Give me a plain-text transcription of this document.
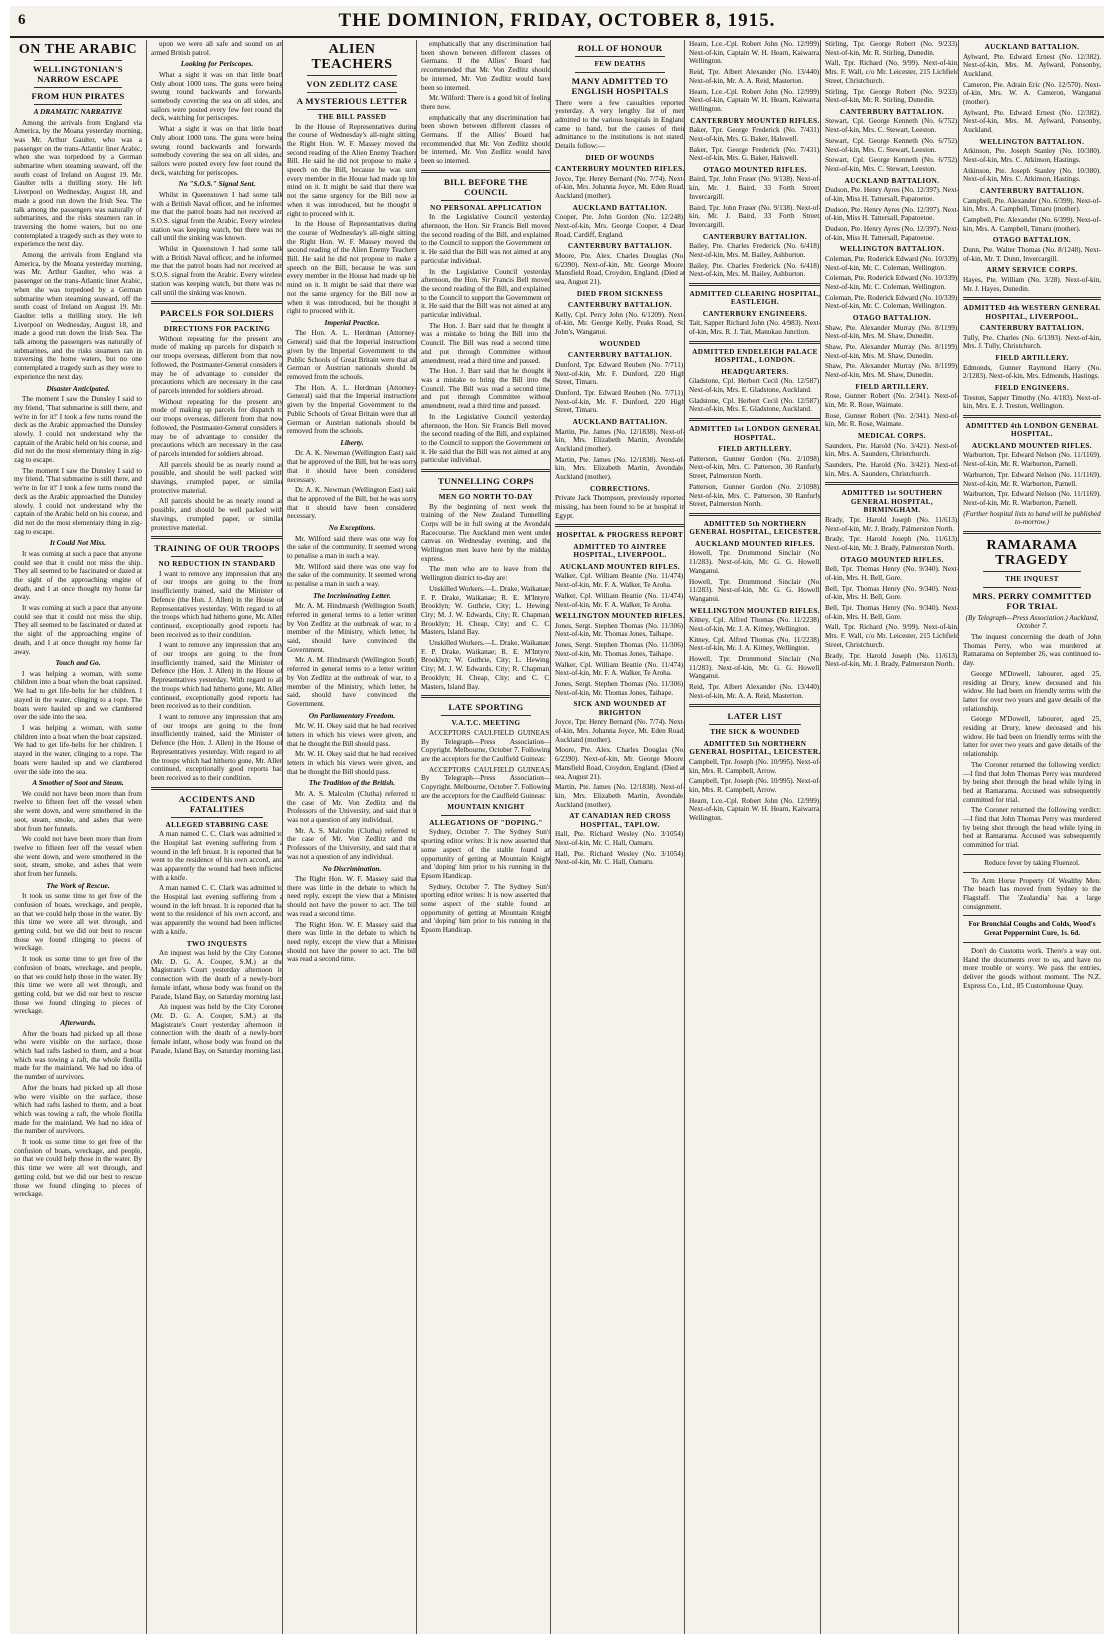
6	THE DOMINION, FRIDAY, OCTOBER 8, 1915.
ON THE ARABIC
WELLINGTONIAN'S NARROW ESCAPE
FROM HUN PIRATES
A DRAMATIC NARRATIVE

Among the arrivals from England via America, by the Moana yesterday morning, was Mr. Arthur Gaulter, who was a passenger on the trans-Atlantic liner Arabic, when she was torpedoed by a German submarine when steaming seaward, off the south coast of Ireland on August 19. Mr. Gaulter tells a thrilling story. He left Liverpool on Wednesday, August 18, and made a good run down the Irish Sea. The talk among the passengers was naturally of submarines, and the risks steamers ran in traversing the home waters, but no one contemplated a tragedy such as they were to experience the next day.

Among the arrivals from England via America, by the Moana yesterday morning, was Mr. Arthur Gaulter, who was a passenger on the trans-Atlantic liner Arabic, when she was torpedoed by a German submarine when steaming seaward, off the south coast of Ireland on August 19. Mr. Gaulter tells a thrilling story. He left Liverpool on Wednesday, August 18, and made a good run down the Irish Sea. The talk among the passengers was naturally of submarines, and the risks steamers ran in traversing the home waters, but no one contemplated a tragedy such as they were to experience the next day.

Disaster Anticipated.

The moment I saw the Dunsley I said to my friend, 'That submarine is still there, and we're in for it!' I took a few turns round the deck as the Arabic approached the Dunsley slowly. I could not understand why the captain of the Arabic held on his course, and did not do the most elementary thing in zig-zag to escape.

The moment I saw the Dunsley I said to my friend, 'That submarine is still there, and we're in for it!' I took a few turns round the deck as the Arabic approached the Dunsley slowly. I could not understand why the captain of the Arabic held on his course, and did not do the most elementary thing in zig-zag to escape.

It Could Not Miss.

It was coming at such a pace that anyone could see that it could not miss the ship. They all seemed to be fascinated or dazed at the sight of the approaching engine of death, and I at once thought my home far away.

It was coming at such a pace that anyone could see that it could not miss the ship. They all seemed to be fascinated or dazed at the sight of the approaching engine of death, and I at once thought my home far away.

Touch and Go.

I was helping a woman, with some children into a boat when the boat capsized. We had to get life-belts for her children. I stayed in the water, clinging to a rope. The boats were hauled up and we clambered over the side into the sea.

I was helping a woman, with some children into a boat when the boat capsized. We had to get life-belts for her children. I stayed in the water, clinging to a rope. The boats were hauled up and we clambered over the side into the sea.

A Smother of Soot and Steam.

We could not have been more than from twelve to fifteen feet off the vessel when she went down, and were smothered in the soot, steam, smoke, and ashes that were shot from her funnels.

We could not have been more than from twelve to fifteen feet off the vessel when she went down, and were smothered in the soot, steam, smoke, and ashes that were shot from her funnels.

The Work of Rescue.

It took us some time to get free of the confusion of boats, wreckage, and people, so that we could help those in the water. By this time we were all wet through, and getting cold, but we did our best to rescue those we found clinging to pieces of wreckage.

It took us some time to get free of the confusion of boats, wreckage, and people, so that we could help those in the water. By this time we were all wet through, and getting cold, but we did our best to rescue those we found clinging to pieces of wreckage.

Afterwards.

After the boats had picked up all those who were visible on the surface, those which had rafts lashed to them, and a boat which was towing a raft, the whole flotilla made for the mainland. We had no idea of the number of survivors.

After the boats had picked up all those who were visible on the surface, those which had rafts lashed to them, and a boat which was towing a raft, the whole flotilla made for the mainland. We had no idea of the number of survivors.

It took us some time to get free of the confusion of boats, wreckage, and people, so that we could help those in the water. By this time we were all wet through, and getting cold, but we did our best to rescue those we found clinging to pieces of wreckage.

upon we were all safe and sound on an armed British patrol.

Looking for Periscopes.

What a sight it was on that little boat! Only about 1000 tons. The guns were being swung round backwards and forwards, somebody covering the sea on all sides, and sailors were posted every few feet round the deck, watching for periscopes.

What a sight it was on that little boat! Only about 1000 tons. The guns were being swung round backwards and forwards, somebody covering the sea on all sides, and sailors were posted every few feet round the deck, watching for periscopes.

No "S.O.S." Signal Sent.

Whilst in Queenstown I had some talk with a British Naval officer, and he informed me that the patrol boats had not received an S.O.S. signal from the Arabic. Every wireless station was keeping watch, but there was no call until the sinking was known.

Whilst in Queenstown I had some talk with a British Naval officer, and he informed me that the patrol boats had not received an S.O.S. signal from the Arabic. Every wireless station was keeping watch, but there was no call until the sinking was known.

PARCELS FOR SOLDIERS
DIRECTIONS FOR PACKING

Without repeating for the present any mode of making up parcels for dispatch to our troops overseas, different from that now followed, the Postmaster-General considers it may be of advantage to consider the precautions which are necessary in the case of parcels intended for soldiers abroad.

Without repeating for the present any mode of making up parcels for dispatch to our troops overseas, different from that now followed, the Postmaster-General considers it may be of advantage to consider the precautions which are necessary in the case of parcels intended for soldiers abroad.

All parcels should be as nearly round as possible, and should be well packed with shavings, crumpled paper, or similar protective material.

All parcels should be as nearly round as possible, and should be well packed with shavings, crumpled paper, or similar protective material.

TRAINING OF OUR TROOPS
NO REDUCTION IN STANDARD

I want to remove any impression that any of our troops are going to the front insufficiently trained, said the Minister of Defence (the Hon. J. Allen) in the House of Representatives yesterday. With regard to all the troops which had hitherto gone, Mr. Allen continued, exceptionally good reports had been received as to their condition.

I want to remove any impression that any of our troops are going to the front insufficiently trained, said the Minister of Defence (the Hon. J. Allen) in the House of Representatives yesterday. With regard to all the troops which had hitherto gone, Mr. Allen continued, exceptionally good reports had been received as to their condition.

I want to remove any impression that any of our troops are going to the front insufficiently trained, said the Minister of Defence (the Hon. J. Allen) in the House of Representatives yesterday. With regard to all the troops which had hitherto gone, Mr. Allen continued, exceptionally good reports had been received as to their condition.

ACCIDENTS AND FATALITIES
ALLEGED STABBING CASE

A man named C. C. Clark was admitted to the Hospital last evening suffering from a wound in the left breast. It is reported that he went to the residence of his own accord, and was apparently the wound had been inflicted with a knife.

A man named C. C. Clark was admitted to the Hospital last evening suffering from a wound in the left breast. It is reported that he went to the residence of his own accord, and was apparently the wound had been inflicted with a knife.

TWO INQUESTS

An inquest was held by the City Coroner (Mr. D. G. A. Cooper, S.M.) at the Magistrate's Court yesterday afternoon in connection with the death of a newly-born female infant, whose body was found on the Parade, Island Bay, on Saturday morning last.

An inquest was held by the City Coroner (Mr. D. G. A. Cooper, S.M.) at the Magistrate's Court yesterday afternoon in connection with the death of a newly-born female infant, whose body was found on the Parade, Island Bay, on Saturday morning last.

ALIEN TEACHERS
VON ZEDLITZ CASE
A MYSTERIOUS LETTER
THE BILL PASSED

In the House of Representatives during the course of Wednesday's all-night sitting, the Right Hon. W. F. Massey moved the second reading of the Alien Enemy Teachers Bill. He said he did not propose to make a speech on the Bill, because he was sure every member in the House had made up his mind on it. It might be said that there was not the same urgency for the Bill now as when it was introduced, but he thought it right to proceed with it.

In the House of Representatives during the course of Wednesday's all-night sitting, the Right Hon. W. F. Massey moved the second reading of the Alien Enemy Teachers Bill. He said he did not propose to make a speech on the Bill, because he was sure every member in the House had made up his mind on it. It might be said that there was not the same urgency for the Bill now as when it was introduced, but he thought it right to proceed with it.

Imperial Practice.

The Hon. A. L. Herdman (Attorney-General) said that the Imperial instructions given by the Imperial Government to the Public Schools of Great Britain were that all German or Austrian nationals should be removed from the schools.

The Hon. A. L. Herdman (Attorney-General) said that the Imperial instructions given by the Imperial Government to the Public Schools of Great Britain were that all German or Austrian nationals should be removed from the schools.

Liberty.

Dr. A. K. Newman (Wellington East) said that he approved of the Bill, but he was sorry that it should have been considered necessary.

Dr. A. K. Newman (Wellington East) said that he approved of the Bill, but he was sorry that it should have been considered necessary.

No Exceptions.

Mr. Wilford said there was one way for the sake of the community. It seemed wrong to penalise a man in such a way.

Mr. Wilford said there was one way for the sake of the community. It seemed wrong to penalise a man in such a way.

The Incriminating Letter.

Mr. A. M. Hindmarsh (Wellington South) referred in general terms to a letter written by Von Zedlitz at the outbreak of war, to a member of the Ministry, which letter, he said, should have convinced the Government.

Mr. A. M. Hindmarsh (Wellington South) referred in general terms to a letter written by Von Zedlitz at the outbreak of war, to a member of the Ministry, which letter, he said, should have convinced the Government.

On Parliamentary Freedom.

Mr. W. H. Okey said that he had received letters in which his views were given, and that he thought the Bill should pass.

Mr. W. H. Okey said that he had received letters in which his views were given, and that he thought the Bill should pass.

The Tradition of the British.

Mr. A. S. Malcolm (Clutha) referred to the case of Mr. Von Zedlitz and the Professors of the University, and said that it was not a question of any individual.

Mr. A. S. Malcolm (Clutha) referred to the case of Mr. Von Zedlitz and the Professors of the University, and said that it was not a question of any individual.

No Discrimination.

The Right Hon. W. F. Massey said that there was little in the debate to which he need reply, except the view that a Minister should not have the power to act. The bill was read a second time.

The Right Hon. W. F. Massey said that there was little in the debate to which he need reply, except the view that a Minister should not have the power to act. The bill was read a second time.

emphatically that any discrimination had been shown between different classes of Germans. If the Allies' Board had recommended that Mr. Von Zedlitz should be interned, Mr. Von Zedlitz would have been so interned.

Mr. Wilford: There is a good bit of feeling there now.

emphatically that any discrimination had been shown between different classes of Germans. If the Allies' Board had recommended that Mr. Von Zedlitz should be interned, Mr. Von Zedlitz would have been so interned.

BILL BEFORE THE COUNCIL
NO PERSONAL APPLICATION

In the Legislative Council yesterday afternoon, the Hon. Sir Francis Bell moved the second reading of the Bill, and explained to the Council to support the Government on it. He said that the Bill was not aimed at any particular individual.

In the Legislative Council yesterday afternoon, the Hon. Sir Francis Bell moved the second reading of the Bill, and explained to the Council to support the Government on it. He said that the Bill was not aimed at any particular individual.

The Hon. J. Barr said that he thought it was a mistake to bring the Bill into the Council. The Bill was read a second time, and put through Committee without amendment, read a third time and passed.

The Hon. J. Barr said that he thought it was a mistake to bring the Bill into the Council. The Bill was read a second time, and put through Committee without amendment, read a third time and passed.

In the Legislative Council yesterday afternoon, the Hon. Sir Francis Bell moved the second reading of the Bill, and explained to the Council to support the Government on it. He said that the Bill was not aimed at any particular individual.

TUNNELLING CORPS
MEN GO NORTH TO-DAY

By the beginning of next week the training of the New Zealand Tunnelling Corps will be in full swing at the Avondale Racecourse. The Auckland men went under canvas on Wednesday evening, and the Wellington men leave here by the midday express.

The men who are to leave from the Wellington district to-day are:

Unskilled Workers.—L. Drake, Waikanae; F. P. Drake, Waikanae; R. E. M'Intyre, Brooklyn; W. Guthrie, City; L. Hewing, City; M. J. W. Edwards, City; R. Chapman, Brooklyn; H. Cheap, City; and C. C. Masters, Island Bay.

Unskilled Workers.—L. Drake, Waikanae; F. P. Drake, Waikanae; R. E. M'Intyre, Brooklyn; W. Guthrie, City; L. Hewing, City; M. J. W. Edwards, City; R. Chapman, Brooklyn; H. Cheap, City; and C. C. Masters, Island Bay.

LATE SPORTING
V.A.T.C. MEETING

ACCEPTORS CAULFIELD GUINEAS. By Telegraph—Press Association—Copyright. Melbourne, October 7. Following are the acceptors for the Caulfield Guineas:

ACCEPTORS CAULFIELD GUINEAS. By Telegraph—Press Association—Copyright. Melbourne, October 7. Following are the acceptors for the Caulfield Guineas:

MOUNTAIN KNIGHT
ALLEGATIONS OF "DOPING."

Sydney, October 7. The Sydney Sun's sporting editor writes: It is now asserted that some aspect of the stable found an opportunity of getting at Mountain Knight and 'doping' him prior to his running in the Epsom Handicap.

Sydney, October 7. The Sydney Sun's sporting editor writes: It is now asserted that some aspect of the stable found an opportunity of getting at Mountain Knight and 'doping' him prior to his running in the Epsom Handicap.

ROLL OF HONOUR
FEW DEATHS
MANY ADMITTED TO ENGLISH HOSPITALS

There were a few casualties reported yesterday. A very lengthy list of men admitted to the various hospitals in England came to hand, but the causes of their admittance to the institutions is not stated. Details follow:—

DIED OF WOUNDS
CANTERBURY MOUNTED RIFLES.

Joyce, Tpr. Henry Bernard (No. 7/74). Next-of-kin, Mrs. Johanna Joyce, Mt. Eden Road, Auckland (mother).

AUCKLAND BATTALION.

Cooper, Pte. John Gordon (No. 12/248). Next-of-kin, Mrs. George Cooper, 4 Dean Road, Cardiff, England.

CANTERBURY BATTALION.

Moore, Pte. Alex. Charles Douglas (No. 6/2390). Next-of-kin, Mr. George Moore, Mansfield Road, Croydon, England. (Died at sea, August 21).

DIED FROM SICKNESS
CANTERBURY BATTALION.

Kelly, Cpl. Percy John (No. 6/1209). Next-of-kin, Mr. George Kelly, Peaks Road, St. John's, Wanganui.

WOUNDED
CANTERBURY BATTALION.

Dunford, Tpr. Edward Reuben (No. 7/711). Next-of-kin, Mr. F. Dunford, 220 High Street, Timaru.

Dunford, Tpr. Edward Reuben (No. 7/711). Next-of-kin, Mr. F. Dunford, 220 High Street, Timaru.

AUCKLAND BATTALION.

Martin, Pte. James (No. 12/1838). Next-of-kin, Mrs. Elizabeth Martin, Avondale, Auckland (mother).

Martin, Pte. James (No. 12/1838). Next-of-kin, Mrs. Elizabeth Martin, Avondale, Auckland (mother).

CORRECTIONS.

Private Jack Thompson, previously reported missing, has been found to be at hospital in Egypt.

HOSPITAL & PROGRESS REPORT
ADMITTED TO AINTREE HOSPITAL, LIVERPOOL.
AUCKLAND MOUNTED RIFLES.

Walker, Cpl. William Beattie (No. 11/474). Next-of-kin, Mr. F. A. Walker, Te Aroha.

Walker, Cpl. William Beattie (No. 11/474). Next-of-kin, Mr. F. A. Walker, Te Aroha.

WELLINGTON MOUNTED RIFLES.

Jones, Sergt. Stephen Thomas (No. 11/306). Next-of-kin, Mr. Thomas Jones, Taihape.

Jones, Sergt. Stephen Thomas (No. 11/306). Next-of-kin, Mr. Thomas Jones, Taihape.

Walker, Cpl. William Beattie (No. 11/474). Next-of-kin, Mr. F. A. Walker, Te Aroha.

Jones, Sergt. Stephen Thomas (No. 11/306). Next-of-kin, Mr. Thomas Jones, Taihape.

SICK AND WOUNDED AT BRIGHTON

Joyce, Tpr. Henry Bernard (No. 7/74). Next-of-kin, Mrs. Johanna Joyce, Mt. Eden Road, Auckland (mother).

Moore, Pte. Alex. Charles Douglas (No. 6/2390). Next-of-kin, Mr. George Moore, Mansfield Road, Croydon, England. (Died at sea, August 21).

Martin, Pte. James (No. 12/1838). Next-of-kin, Mrs. Elizabeth Martin, Avondale, Auckland (mother).

AT CANADIAN RED CROSS HOSPITAL, TAPLOW.

Hall, Pte. Richard Wesley (No. 3/1054). Next-of-kin, Mr. C. Hall, Oamaru.

Hall, Pte. Richard Wesley (No. 3/1054). Next-of-kin, Mr. C. Hall, Oamaru.

Hearn, Lce.-Cpl. Robert John (No. 12/999). Next-of-kin, Captain W. H. Hearn, Kaiwarra, Wellington.

Reid, Tpr. Albert Alexander (No. 13/440). Next-of-kin, Mr. A. A. Reid, Masterton.

Hearn, Lce.-Cpl. Robert John (No. 12/999). Next-of-kin, Captain W. H. Hearn, Kaiwarra, Wellington.

CANTERBURY MOUNTED RIFLES.

Baker, Tpr. George Frederick (No. 7/431). Next-of-kin, Mrs. G. Baker, Halswell.

Baker, Tpr. George Frederick (No. 7/431). Next-of-kin, Mrs. G. Baker, Halswell.

OTAGO MOUNTED RIFLES.

Baird, Tpr. John Fraser (No. 9/138). Next-of-kin, Mr. J. Baird, 33 Forth Street, Invercargill.

Baird, Tpr. John Fraser (No. 9/138). Next-of-kin, Mr. J. Baird, 33 Forth Street, Invercargill.

CANTERBURY BATTALION.

Bailey, Pte. Charles Frederick (No. 6/418). Next-of-kin, Mrs. M. Bailey, Ashburton.

Bailey, Pte. Charles Frederick (No. 6/418). Next-of-kin, Mrs. M. Bailey, Ashburton.

ADMITTED CLEARING HOSPITAL, EASTLEIGH.
CANTERBURY ENGINEERS.

Tait, Sapper Richard John (No. 4/983). Next-of-kin, Mrs. R. J. Tait, Manukau Junction.

ADMITTED ENDELEIGH PALACE HOSPITAL, LONDON.
HEADQUARTERS.

Gladstone, Cpl. Herbert Cecil (No. 12/587). Next-of-kin, Mrs. E. Gladstone, Auckland.

Gladstone, Cpl. Herbert Cecil (No. 12/587). Next-of-kin, Mrs. E. Gladstone, Auckland.

ADMITTED 1st LONDON GENERAL HOSPITAL.
FIELD ARTILLERY.

Patterson, Gunner Gordon (No. 2/1098). Next-of-kin, Mrs. C. Patterson, 30 Ranfurly Street, Palmerston North.

Patterson, Gunner Gordon (No. 2/1098). Next-of-kin, Mrs. C. Patterson, 30 Ranfurly Street, Palmerston North.

ADMITTED 5th NORTHERN GENERAL HOSPITAL, LEICESTER.
AUCKLAND MOUNTED RIFLES.

Howell, Tpr. Drummond Sinclair (No. 11/283). Next-of-kin, Mr. G. G. Howell, Wanganui.

Howell, Tpr. Drummond Sinclair (No. 11/283). Next-of-kin, Mr. G. G. Howell, Wanganui.

WELLINGTON MOUNTED RIFLES.

Kitney, Cpl. Alfred Thomas (No. 11/2238). Next-of-kin, Mr. J. A. Kitney, Wellington.

Kitney, Cpl. Alfred Thomas (No. 11/2238). Next-of-kin, Mr. J. A. Kitney, Wellington.

Howell, Tpr. Drummond Sinclair (No. 11/283). Next-of-kin, Mr. G. G. Howell, Wanganui.

Reid, Tpr. Albert Alexander (No. 13/440). Next-of-kin, Mr. A. A. Reid, Masterton.

LATER LIST
THE SICK & WOUNDED
ADMITTED 5th NORTHERN GENERAL HOSPITAL, LEICESTER.

Campbell, Tpr. Joseph (No. 10/995). Next-of-kin, Mrs. R. Campbell, Arrow.

Campbell, Tpr. Joseph (No. 10/995). Next-of-kin, Mrs. R. Campbell, Arrow.

Hearn, Lce.-Cpl. Robert John (No. 12/999). Next-of-kin, Captain W. H. Hearn, Kaiwarra, Wellington.

Stirling, Tpr. George Robert (No. 9/233). Next-of-kin, Mr. R. Stirling, Dunedin.

Wall, Tpr. Richard (No. 9/99). Next-of-kin, Mrs. F. Wall, c/o Mr. Leicester, 215 Lichfield Street, Christchurch.

Stirling, Tpr. George Robert (No. 9/233). Next-of-kin, Mr. R. Stirling, Dunedin.

CANTERBURY BATTALION.

Stewart, Cpl. George Kenneth (No. 6/752). Next-of-kin, Mrs. C. Stewart, Leeston.

Stewart, Cpl. George Kenneth (No. 6/752). Next-of-kin, Mrs. C. Stewart, Leeston.

Stewart, Cpl. George Kenneth (No. 6/752). Next-of-kin, Mrs. C. Stewart, Leeston.

AUCKLAND BATTALION.

Dudson, Pte. Henry Ayres (No. 12/397). Next-of-kin, Miss H. Tattersall, Papatoetoe.

Dudson, Pte. Henry Ayres (No. 12/397). Next-of-kin, Miss H. Tattersall, Papatoetoe.

Dudson, Pte. Henry Ayres (No. 12/397). Next-of-kin, Miss H. Tattersall, Papatoetoe.

WELLINGTON BATTALION.

Coleman, Pte. Roderick Edward (No. 10/339). Next-of-kin, Mr. C. Coleman, Wellington.

Coleman, Pte. Roderick Edward (No. 10/339). Next-of-kin, Mr. C. Coleman, Wellington.

Coleman, Pte. Roderick Edward (No. 10/339). Next-of-kin, Mr. C. Coleman, Wellington.

OTAGO BATTALION.

Shaw, Pte. Alexander Murray (No. 8/1199). Next-of-kin, Mrs. M. Shaw, Dunedin.

Shaw, Pte. Alexander Murray (No. 8/1199). Next-of-kin, Mrs. M. Shaw, Dunedin.

Shaw, Pte. Alexander Murray (No. 8/1199). Next-of-kin, Mrs. M. Shaw, Dunedin.

FIELD ARTILLERY.

Rose, Gunner Robert (No. 2/341). Next-of-kin, Mr. R. Rose, Waimate.

Rose, Gunner Robert (No. 2/341). Next-of-kin, Mr. R. Rose, Waimate.

MEDICAL CORPS.

Saunders, Pte. Harold (No. 3/421). Next-of-kin, Mrs. A. Saunders, Christchurch.

Saunders, Pte. Harold (No. 3/421). Next-of-kin, Mrs. A. Saunders, Christchurch.

ADMITTED 1st SOUTHERN GENERAL HOSPITAL, BIRMINGHAM.

Brady, Tpr. Harold Joseph (No. 11/613). Next-of-kin, Mr. J. Brady, Palmerston North.

Brady, Tpr. Harold Joseph (No. 11/613). Next-of-kin, Mr. J. Brady, Palmerston North.

OTAGO MOUNTED RIFLES.

Bell, Tpr. Thomas Henry (No. 9/340). Next-of-kin, Mrs. H. Bell, Gore.

Bell, Tpr. Thomas Henry (No. 9/340). Next-of-kin, Mrs. H. Bell, Gore.

Bell, Tpr. Thomas Henry (No. 9/340). Next-of-kin, Mrs. H. Bell, Gore.

Wall, Tpr. Richard (No. 9/99). Next-of-kin, Mrs. F. Wall, c/o Mr. Leicester, 215 Lichfield Street, Christchurch.

Brady, Tpr. Harold Joseph (No. 11/613). Next-of-kin, Mr. J. Brady, Palmerston North.

AUCKLAND BATTALION.

Aylward, Pte. Edward Ernest (No. 12/382). Next-of-kin, Mrs. M. Aylward, Ponsonby, Auckland.

Cameron, Pte. Adrain Eric (No. 12/570). Next-of-kin, Mrs. W. A. Cameron, Wanganui (mother).

Aylward, Pte. Edward Ernest (No. 12/382). Next-of-kin, Mrs. M. Aylward, Ponsonby, Auckland.

WELLINGTON BATTALION.

Atkinson, Pte. Joseph Stanley (No. 10/380). Next-of-kin, Mrs. C. Atkinson, Hastings.

Atkinson, Pte. Joseph Stanley (No. 10/380). Next-of-kin, Mrs. C. Atkinson, Hastings.

CANTERBURY BATTALION.

Campbell, Pte. Alexander (No. 6/399). Next-of-kin, Mrs. A. Campbell, Timaru (mother).

Campbell, Pte. Alexander (No. 6/399). Next-of-kin, Mrs. A. Campbell, Timaru (mother).

OTAGO BATTALION.

Dunn, Pte. Walter Thomas (No. 8/1248). Next-of-kin, Mr. T. Dunn, Invercargill.

ARMY SERVICE CORPS.

Hayes, Pte. William (No. 3/28). Next-of-kin, Mr. J. Hayes, Dunedin.

ADMITTED 4th WESTERN GENERAL HOSPITAL, LIVERPOOL.
CANTERBURY BATTALION.

Tully, Pte. Charles (No. 6/1393). Next-of-kin, Mrs. J. Tully, Christchurch.

FIELD ARTILLERY.

Edmonds, Gunner Raymond Harry (No. 2/1283). Next-of-kin, Mrs. Edmonds, Hastings.

FIELD ENGINEERS.

Treston, Sapper Timothy (No. 4/183). Next-of-kin, Mrs. E. J. Treston, Wellington.

ADMITTED 4th LONDON GENERAL HOSPITAL.
AUCKLAND MOUNTED RIFLES.

Warburton, Tpr. Edward Nelson (No. 11/1169). Next-of-kin, Mr. R. Warburton, Parnell.

Warburton, Tpr. Edward Nelson (No. 11/1169). Next-of-kin, Mr. R. Warburton, Parnell.

Warburton, Tpr. Edward Nelson (No. 11/1169). Next-of-kin, Mr. R. Warburton, Parnell.

(Further hospital lists to hand will be published to-morrow.)

RAMARAMA TRAGEDY
THE INQUEST
MRS. PERRY COMMITTED FOR TRIAL

(By Telegraph—Press Association.) Auckland, October 7.

The inquest concerning the death of John Thomas Perry, who was murdered at Ramarama on September 26, was continued to-day.

George M'Dowell, labourer, aged 25, residing at Drury, knew deceased and his widow. He had been on friendly terms with the latter for over two years and gave details of the relationship.

George M'Dowell, labourer, aged 25, residing at Drury, knew deceased and his widow. He had been on friendly terms with the latter for over two years and gave details of the relationship.

The Coroner returned the following verdict:—I find that John Thomas Perry was murdered by being shot through the head while lying in bed at Ramarama. Accused was subsequently committed for trial.

The Coroner returned the following verdict:—I find that John Thomas Perry was murdered by being shot through the head while lying in bed at Ramarama. Accused was subsequently committed for trial.

Reduce fever by taking Fluenzol.

To Arm Horse Property Of Wealthy Men: The beach has moved from Sydney to the Flagstaff. The 'Zealandia' has a large consignment.

For Bronchial Coughs and Colds, Wood's Great Peppermint Cure, 1s. 6d.

Don't do Customs work. There's a way out. Hand the documents over to us, and have no more trouble or worry. We pass the entries, deliver the goods without moment. The N.Z. Express Co., Ltd., 85 Customhouse Quay.
